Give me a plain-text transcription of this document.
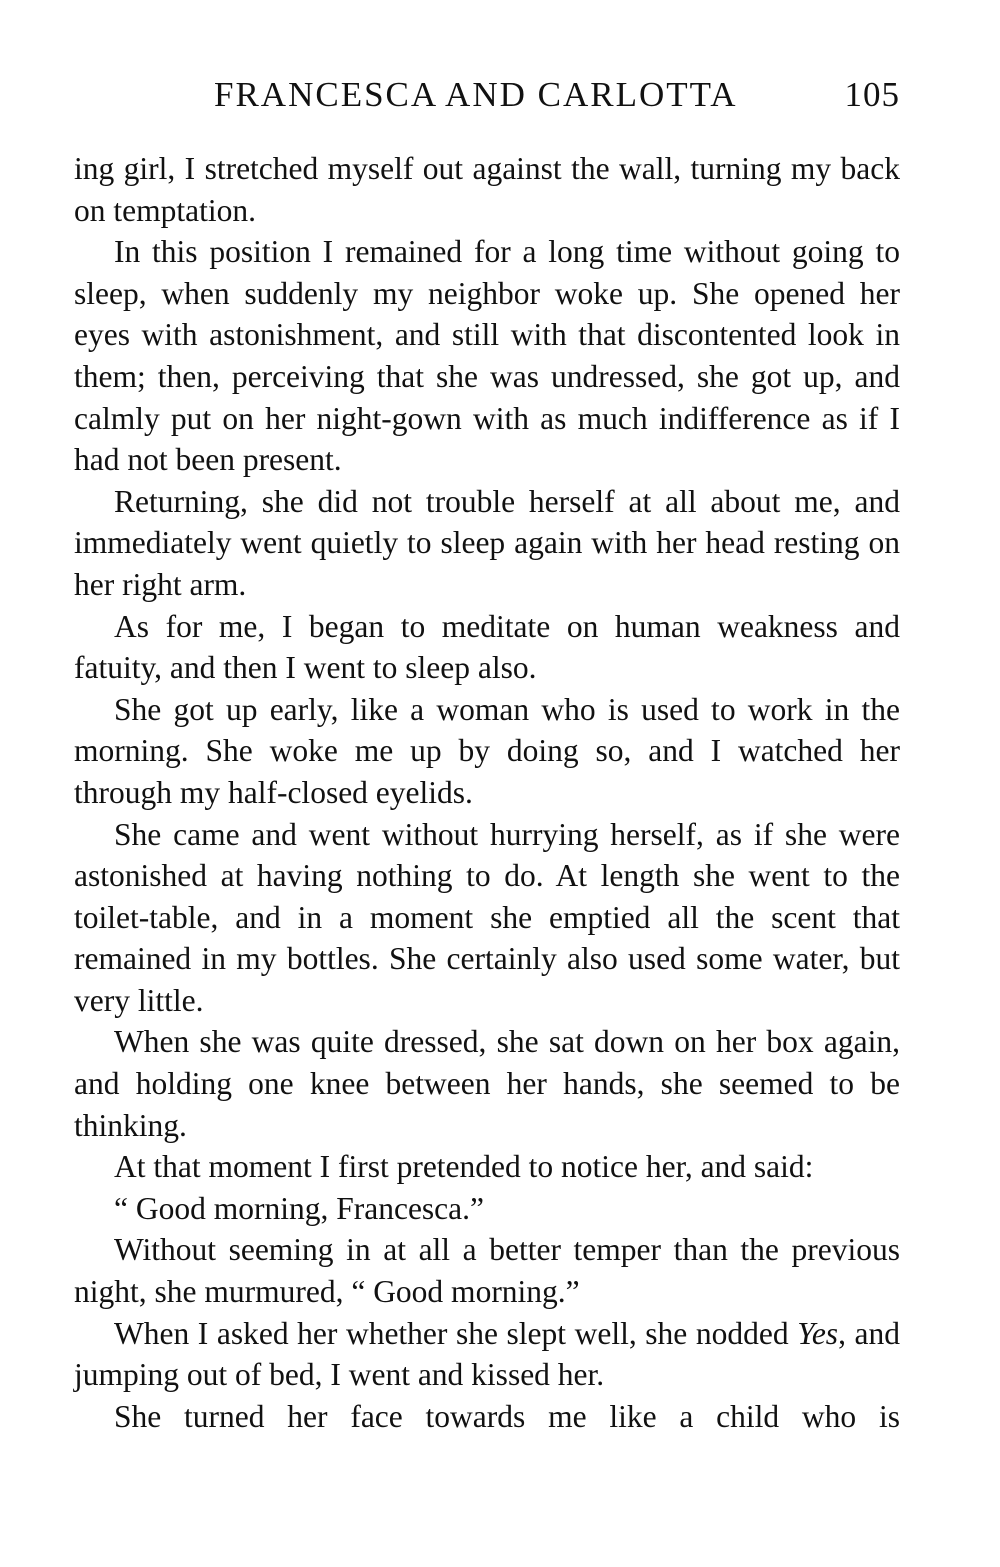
FRANCESCA AND CARLOTTA	105

ing girl, I stretched myself out against the wall, turning my back on temptation.

In this position I remained for a long time without going to sleep, when suddenly my neighbor woke up. She opened her eyes with astonishment, and still with that discontented look in them; then, perceiving that she was undressed, she got up, and calmly put on her night-gown with as much indifference as if I had not been present.

Returning, she did not trouble herself at all about me, and immediately went quietly to sleep again with her head resting on her right arm.

As for me, I began to meditate on human weakness and fatuity, and then I went to sleep also.

She got up early, like a woman who is used to work in the morning. She woke me up by doing so, and I watched her through my half-closed eyelids.

She came and went without hurrying herself, as if she were astonished at having nothing to do. At length she went to the toilet-table, and in a moment she emptied all the scent that remained in my bottles. She certainly also used some water, but very little.

When she was quite dressed, she sat down on her box again, and holding one knee between her hands, she seemed to be thinking.

At that moment I first pretended to notice her, and said:

“ Good morning, Francesca.”

Without seeming in at all a better temper than the previous night, she murmured, “ Good morning.”

When I asked her whether she slept well, she nodded Yes, and jumping out of bed, I went and kissed her.

She turned her face towards me like a child who is
